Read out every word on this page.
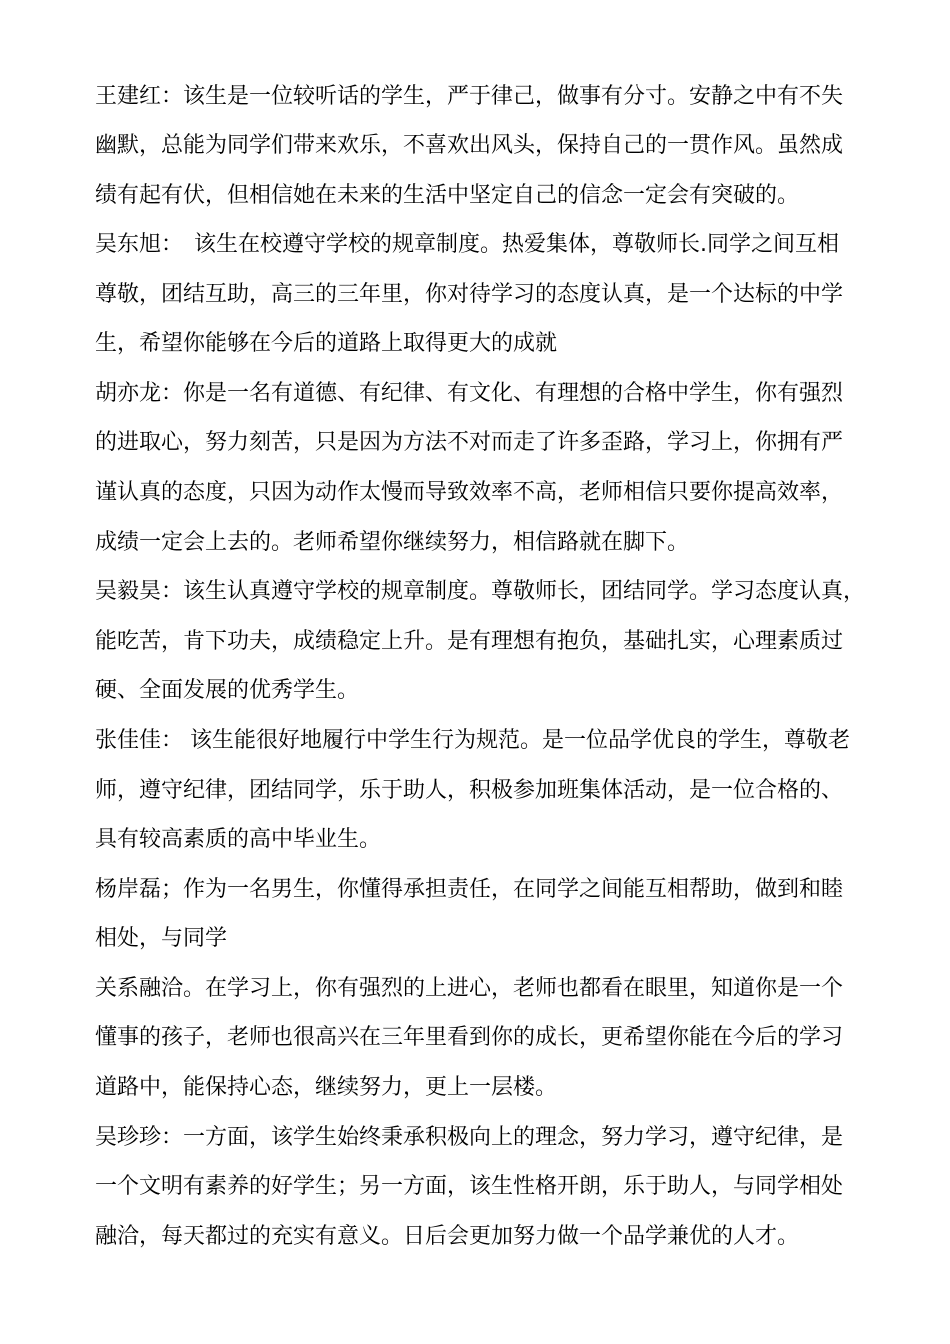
王建红：该生是一位较听话的学生，严于律己，做事有分寸。安静之中有不失
幽默，总能为同学们带来欢乐，不喜欢出风头，保持自己的一贯作风。虽然成
绩有起有伏，但相信她在未来的生活中坚定自己的信念一定会有突破的。
吴东旭：　该生在校遵守学校的规章制度。热爱集体，尊敬师长.同学之间互相
尊敬，团结互助，高三的三年里，你对待学习的态度认真，是一个达标的中学
生，希望你能够在今后的道路上取得更大的成就
胡亦龙：你是一名有道德、有纪律、有文化、有理想的合格中学生，你有强烈
的进取心，努力刻苦，只是因为方法不对而走了许多歪路，学习上，你拥有严
谨认真的态度，只因为动作太慢而导致效率不高，老师相信只要你提高效率，
成绩一定会上去的。老师希望你继续努力，相信路就在脚下。
吴毅昊：该生认真遵守学校的规章制度。尊敬师长，团结同学。学习态度认真，
能吃苦，肯下功夫，成绩稳定上升。是有理想有抱负，基础扎实，心理素质过
硬、全面发展的优秀学生。
张佳佳： 该生能很好地履行中学生行为规范。是一位品学优良的学生，尊敬老
师，遵守纪律，团结同学，乐于助人，积极参加班集体活动，是一位合格的、
具有较高素质的高中毕业生。
杨岸磊；作为一名男生，你懂得承担责任，在同学之间能互相帮助，做到和睦
相处，与同学
关系融洽。在学习上，你有强烈的上进心，老师也都看在眼里，知道你是一个
懂事的孩子，老师也很高兴在三年里看到你的成长，更希望你能在今后的学习
道路中，能保持心态，继续努力，更上一层楼。
吴珍珍：一方面，该学生始终秉承积极向上的理念，努力学习，遵守纪律，是
一个文明有素养的好学生；另一方面，该生性格开朗，乐于助人，与同学相处
融洽，每天都过的充实有意义。日后会更加努力做一个品学兼优的人才。
